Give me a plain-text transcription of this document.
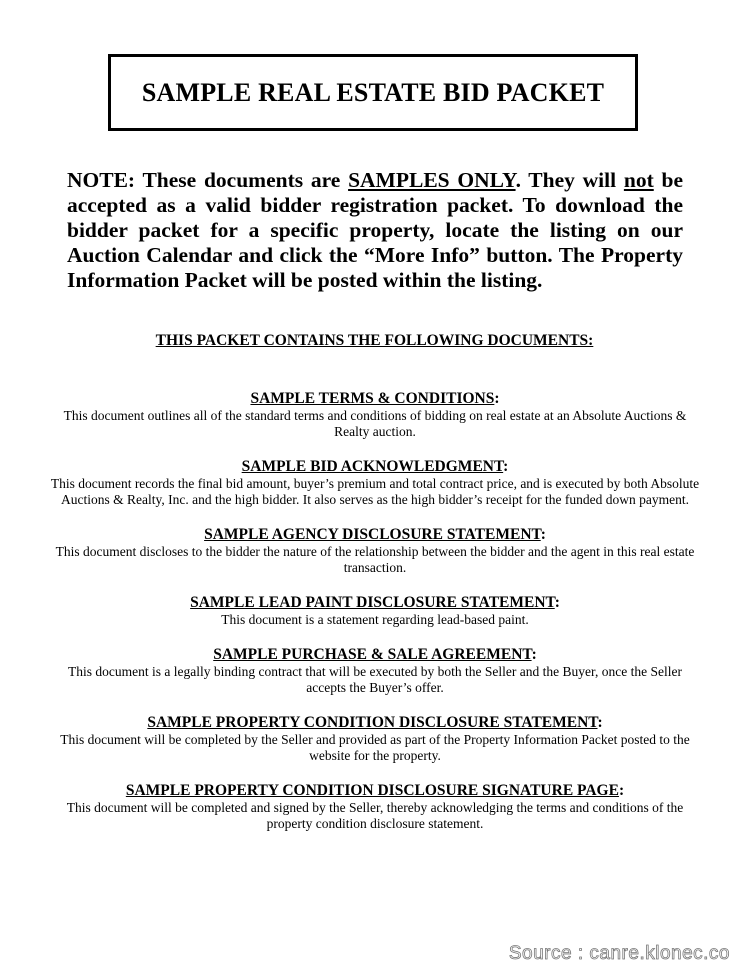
SAMPLE REAL ESTATE BID PACKET

NOTE: These documents are SAMPLES ONLY. They will not be accepted as a valid bidder registration packet. To download the bidder packet for a specific property, locate the listing on our Auction Calendar and click the “More Info” button. The Property Information Packet will be posted within the listing.

THIS PACKET CONTAINS THE FOLLOWING DOCUMENTS:

SAMPLE TERMS & CONDITIONS:

This document outlines all of the standard terms and conditions of bidding on real estate at an Absolute Auctions & Realty auction.

SAMPLE BID ACKNOWLEDGMENT:

This document records the final bid amount, buyer’s premium and total contract price, and is executed by both Absolute Auctions & Realty, Inc. and the high bidder. It also serves as the high bidder’s receipt for the funded down payment.

SAMPLE AGENCY DISCLOSURE STATEMENT:

This document discloses to the bidder the nature of the relationship between the bidder and the agent in this real estate transaction.

SAMPLE LEAD PAINT DISCLOSURE STATEMENT:

This document is a statement regarding lead-based paint.

SAMPLE PURCHASE & SALE AGREEMENT:

This document is a legally binding contract that will be executed by both the Seller and the Buyer, once the Seller accepts the Buyer’s offer.

SAMPLE PROPERTY CONDITION DISCLOSURE STATEMENT:

This document will be completed by the Seller and provided as part of the Property Information Packet posted to the website for the property.

SAMPLE PROPERTY CONDITION DISCLOSURE SIGNATURE PAGE:

This document will be completed and signed by the Seller, thereby acknowledging the terms and conditions of the property condition disclosure statement.

Source : canre.klonec.co
